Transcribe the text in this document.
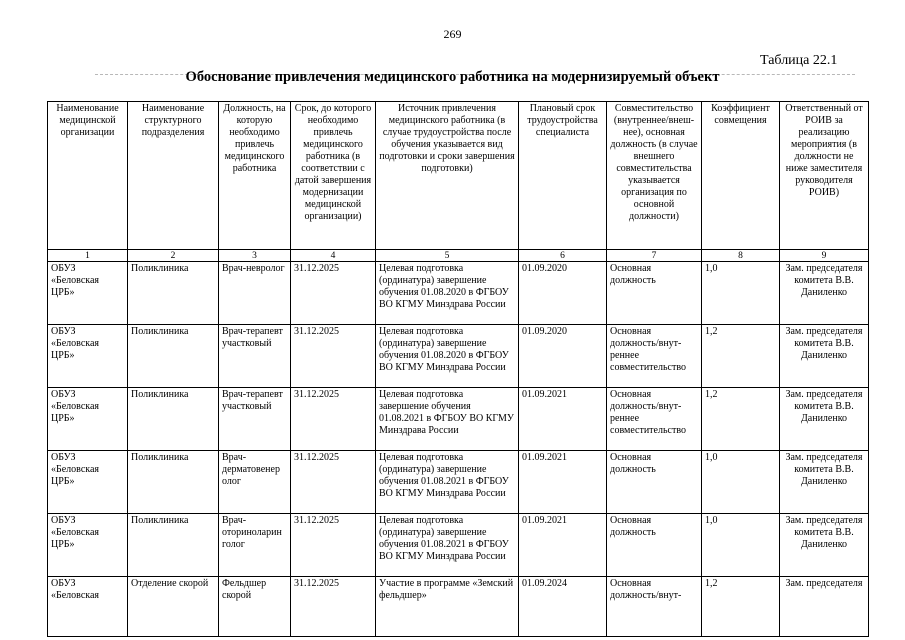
269
Таблица 22.1
Обоснование привлечения медицинского работника на модернизируемый объект
Наименование медицинской организации	Наименование структурного подразделения	Должность, на которую необходимо привлечь медицинского работника	Срок, до которого необходимо привлечь медицинского работника (в соответствии с датой завершения модернизации медицинской организации)	Источник привлечения медицинского работника (в случае трудоустройства после обучения указывается вид подготовки и сроки завершения подготовки)	Плановый срок трудоустройства специалиста	Совместительство (внутреннее/внеш-нее), основная должность (в случае внешнего совместительства указывается организация по основной должности)	Коэффициент совмещения	Ответственный от РОИВ за реализацию мероприятия (в должности не ниже заместителя руководителя РОИВ)
1	2	3	4	5	6	7	8	9
ОБУЗ «Беловская ЦРБ»	Поликлиника	Врач-невролог	31.12.2025	Целевая подготовка (ординатура) завершение обучения 01.08.2020 в ФГБОУ ВО КГМУ Минздрава России	01.09.2020	Основная должность	1,0	Зам. председателя комитета В.В. Даниленко
ОБУЗ «Беловская ЦРБ»	Поликлиника	Врач-терапевт участковый	31.12.2025	Целевая подготовка (ординатура) завершение обучения 01.08.2020 в ФГБОУ ВО КГМУ Минздрава России	01.09.2020	Основная должность/внут-реннее совместительство	1,2	Зам. председателя комитета В.В. Даниленко
ОБУЗ «Беловская ЦРБ»	Поликлиника	Врач-терапевт участковый	31.12.2025	Целевая подготовка завершение обучения 01.08.2021 в ФГБОУ ВО КГМУ Минздрава России	01.09.2021	Основная должность/внут-реннее совместительство	1,2	Зам. председателя комитета В.В. Даниленко
ОБУЗ «Беловская ЦРБ»	Поликлиника	Врач-дерматовенер олог	31.12.2025	Целевая подготовка (ординатура) завершение обучения 01.08.2021 в ФГБОУ ВО КГМУ Минздрава России	01.09.2021	Основная должность	1,0	Зам. председателя комитета В.В. Даниленко
ОБУЗ «Беловская ЦРБ»	Поликлиника	Врач-оториноларин голог	31.12.2025	Целевая подготовка (ординатура) завершение обучения 01.08.2021 в ФГБОУ ВО КГМУ Минздрава России	01.09.2021	Основная должность	1,0	Зам. председателя комитета В.В. Даниленко
ОБУЗ «Беловская	Отделение скорой	Фельдшер скорой	31.12.2025	Участие в программе «Земский фельдшер»	01.09.2024	Основная должность/внут-	1,2	Зам. председателя
